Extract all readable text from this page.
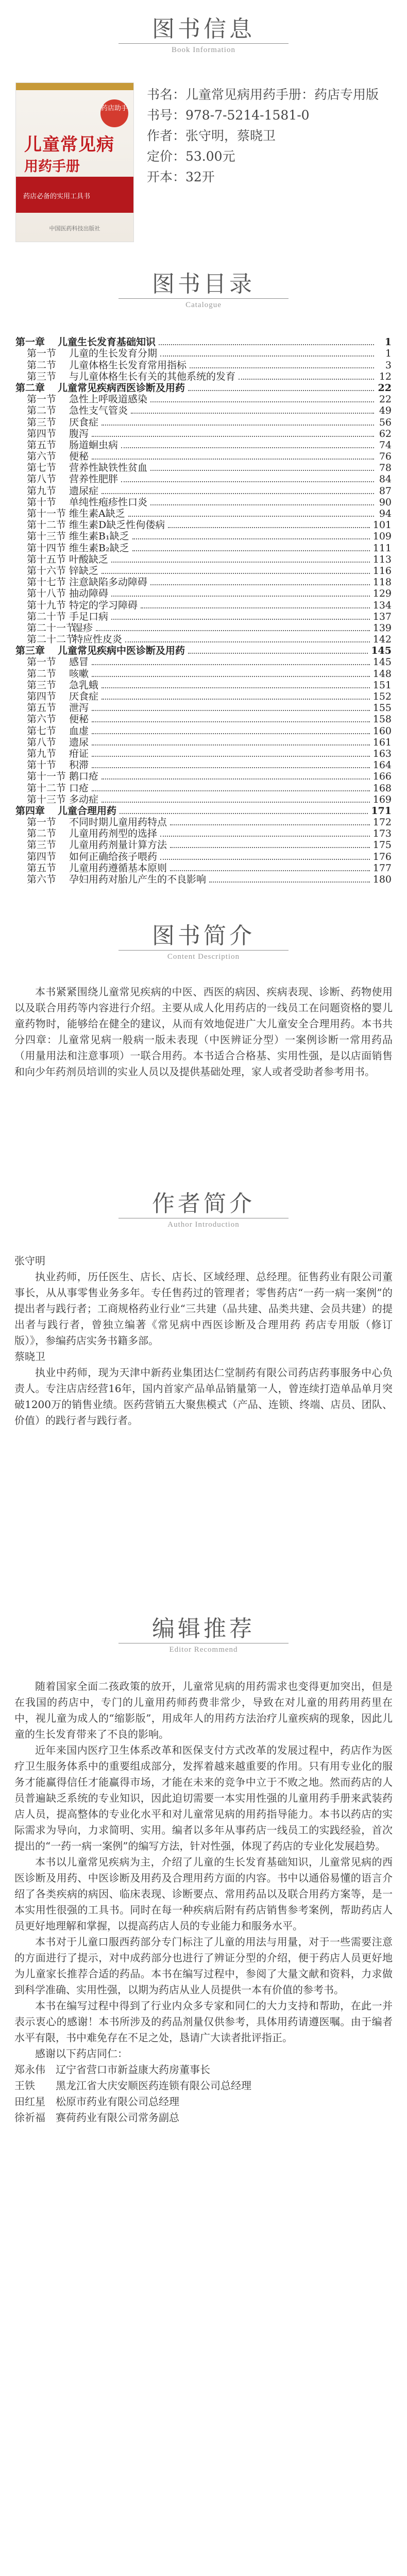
图书信息
Book Information
药店助手
儿童常见病
用药手册
药店必备的实用工具书
中国医药科技出版社
书名：儿童常见病用药手册：药店专用版
书号：978-7-5214-1581-0
作者：张守明，蔡晓卫
定价：53.00元
开本：32开
图书目录
Catalogue
第一章 儿童生长发育基础知识	1
第一节 儿童的生长发育分期	1
第二节 儿童体格生长发育常用指标	3
第三节 与儿童体格生长有关的其他系统的发育	12
第二章 儿童常见疾病西医诊断及用药	22
第一节 急性上呼吸道感染	22
第二节 急性支气管炎	49
第三节 厌食症	56
第四节 腹泻	62
第五节 肠道蛔虫病	74
第六节 便秘	76
第七节 营养性缺铁性贫血	78
第八节 营养性肥胖	84
第九节 遗尿症	87
第十节 单纯性疱疹性口炎	90
第十一节 维生素A缺乏	94
第十二节 维生素D缺乏性佝偻病	101
第十三节 维生素B₁缺乏	109
第十四节 维生素B₂缺乏	111
第十五节 叶酸缺乏	113
第十六节 锌缺乏	116
第十七节 注意缺陷多动障碍	118
第十八节 抽动障碍	129
第十九节 特定的学习障碍	134
第二十节 手足口病	137
第二十一节湿疹	139
第二十二节特应性皮炎	142
第三章 儿童常见疾病中医诊断及用药	145
第一节 感冒	145
第二节 咳嗽	148
第三节 急乳蛾	151
第四节 厌食症	152
第五节 泄泻	155
第六节 便秘	158
第七节 血虚	160
第八节 遗尿	161
第九节 疳证	163
第十节 积滞	164
第十一节 鹅口疮	166
第十二节 口疮	168
第十三节 多动症	169
第四章 儿童合理用药	171
第一节 不同时期儿童用药特点	172
第二节 儿童用药剂型的选择	173
第三节 儿童用药剂量计算方法	175
第四节 如何正确给孩子喂药	176
第五节 儿童用药遵循基本原则	177
第六节 孕妇用药对胎儿产生的不良影响	180
图书简介
Content Description

本书紧紧围绕儿童常见疾病的中医、西医的病因、疾病表现、诊断、药物使用以及联合用药等内容进行介绍。主要从成人化用药店的一线员工在问题资格的婴儿童药物时，能够给在健全的建议，从而有效地促进广大儿童安全合理用药。本书共分四章：儿童常见病一般病一版未表现（中医辨证分型）一案例诊断一常用药品（用量用法和注意事项）一联合用药。本书适合合格基、实用性强，是以店面销售和向少年药剂员培训的实业人员以及提供基础处理，家人或者受助者参考用书。

作者简介
Author Introduction

张守明

执业药师，历任医生、店长、店长、区域经理、总经理。征售药业有限公司董事长，从从事零售业务多年。专任售药过的管理者；零售药店“一药一病一案例”的提出者与践行者；工商规格药业行业“三共建（品共建、品类共建、会员共建）的提出者与践行者，曾独立编著《常见病中西医诊断及合理用药 药店专用版（修订版）》，参编药店实务书籍多部。

蔡晓卫

执业中药师，现为天津中新药业集团达仁堂制药有限公司药店药事服务中心负责人。专注店店经营16年，国内首家产品单品销量第一人，曾连续打造单品单月突破1200万的销售业绩。医药营销五大聚焦模式（产品、连锁、终端、店员、团队、价值）的践行者与践行者。

编辑推荐
Editor Recommend

随着国家全面二孩政策的放开，儿童常见病的用药需求也变得更加突出，但是在我国的药店中，专门的儿童用药师药费非常少，导致在对儿童的用药用药里在中，视儿童为成人的“缩影版”，用成年人的用药方法治疗儿童疾病的现象，因此儿童的生长发育带来了不良的影响。

近年来国内医疗卫生体系改革和医保支付方式改革的发展过程中，药店作为医疗卫生服务体系中的重要组成部分，发挥着越来越重要的作用。只有用专业化的服务才能赢得信任才能赢得市场，才能在未来的竞争中立于不败之地。然而药店的人员普遍缺乏系统的专业知识，因此迫切需要一本实用性强的儿童用药手册来武装药店人员，提高整体的专业化水平和对儿童常见病的用药指导能力。本书以药店的实际需求为导向，力求简明、实用。编者以多年从事药店一线员工的实践经验，首次提出的“一药一病一案例”的编写方法，针对性强，体现了药店的专业化发展趋势。

本书以儿童常见疾病为主，介绍了儿童的生长发育基础知识，儿童常见病的西医诊断及用药、中医诊断及用药及合理用药方面的内容。书中以通俗易懂的语言介绍了各类疾病的病因、临床表现、诊断要点、常用药品以及联合用药方案等，是一本实用性很强的工具书。同时在每一种疾病后附有药店销售参考案例，帮助药店人员更好地理解和掌握，以提高药店人员的专业能力和服务水平。

本书对于儿童口服西药部分专门标注了儿童的用法与用量，对于一些需要注意的方面进行了提示，对中成药部分也进行了辨证分型的介绍，便于药店人员更好地为儿童家长推荐合适的药品。本书在编写过程中，参阅了大量文献和资料，力求做到科学准确、实用性强，以期为药店从业人员提供一本有价值的参考书。

本书在编写过程中得到了行业内众多专家和同仁的大力支持和帮助，在此一并表示衷心的感谢！本书所涉及的药品剂量仅供参考，具体用药请遵医嘱。由于编者水平有限，书中难免存在不足之处，恳请广大读者批评指正。

感谢以下药店同仁：

郑永伟　辽宁省营口市新益康大药房董事长

王铁　　黑龙江省大庆安顺医药连锁有限公司总经理

田红星　松原市药业有限公司总经理

徐祈福　赛荷药业有限公司常务副总
